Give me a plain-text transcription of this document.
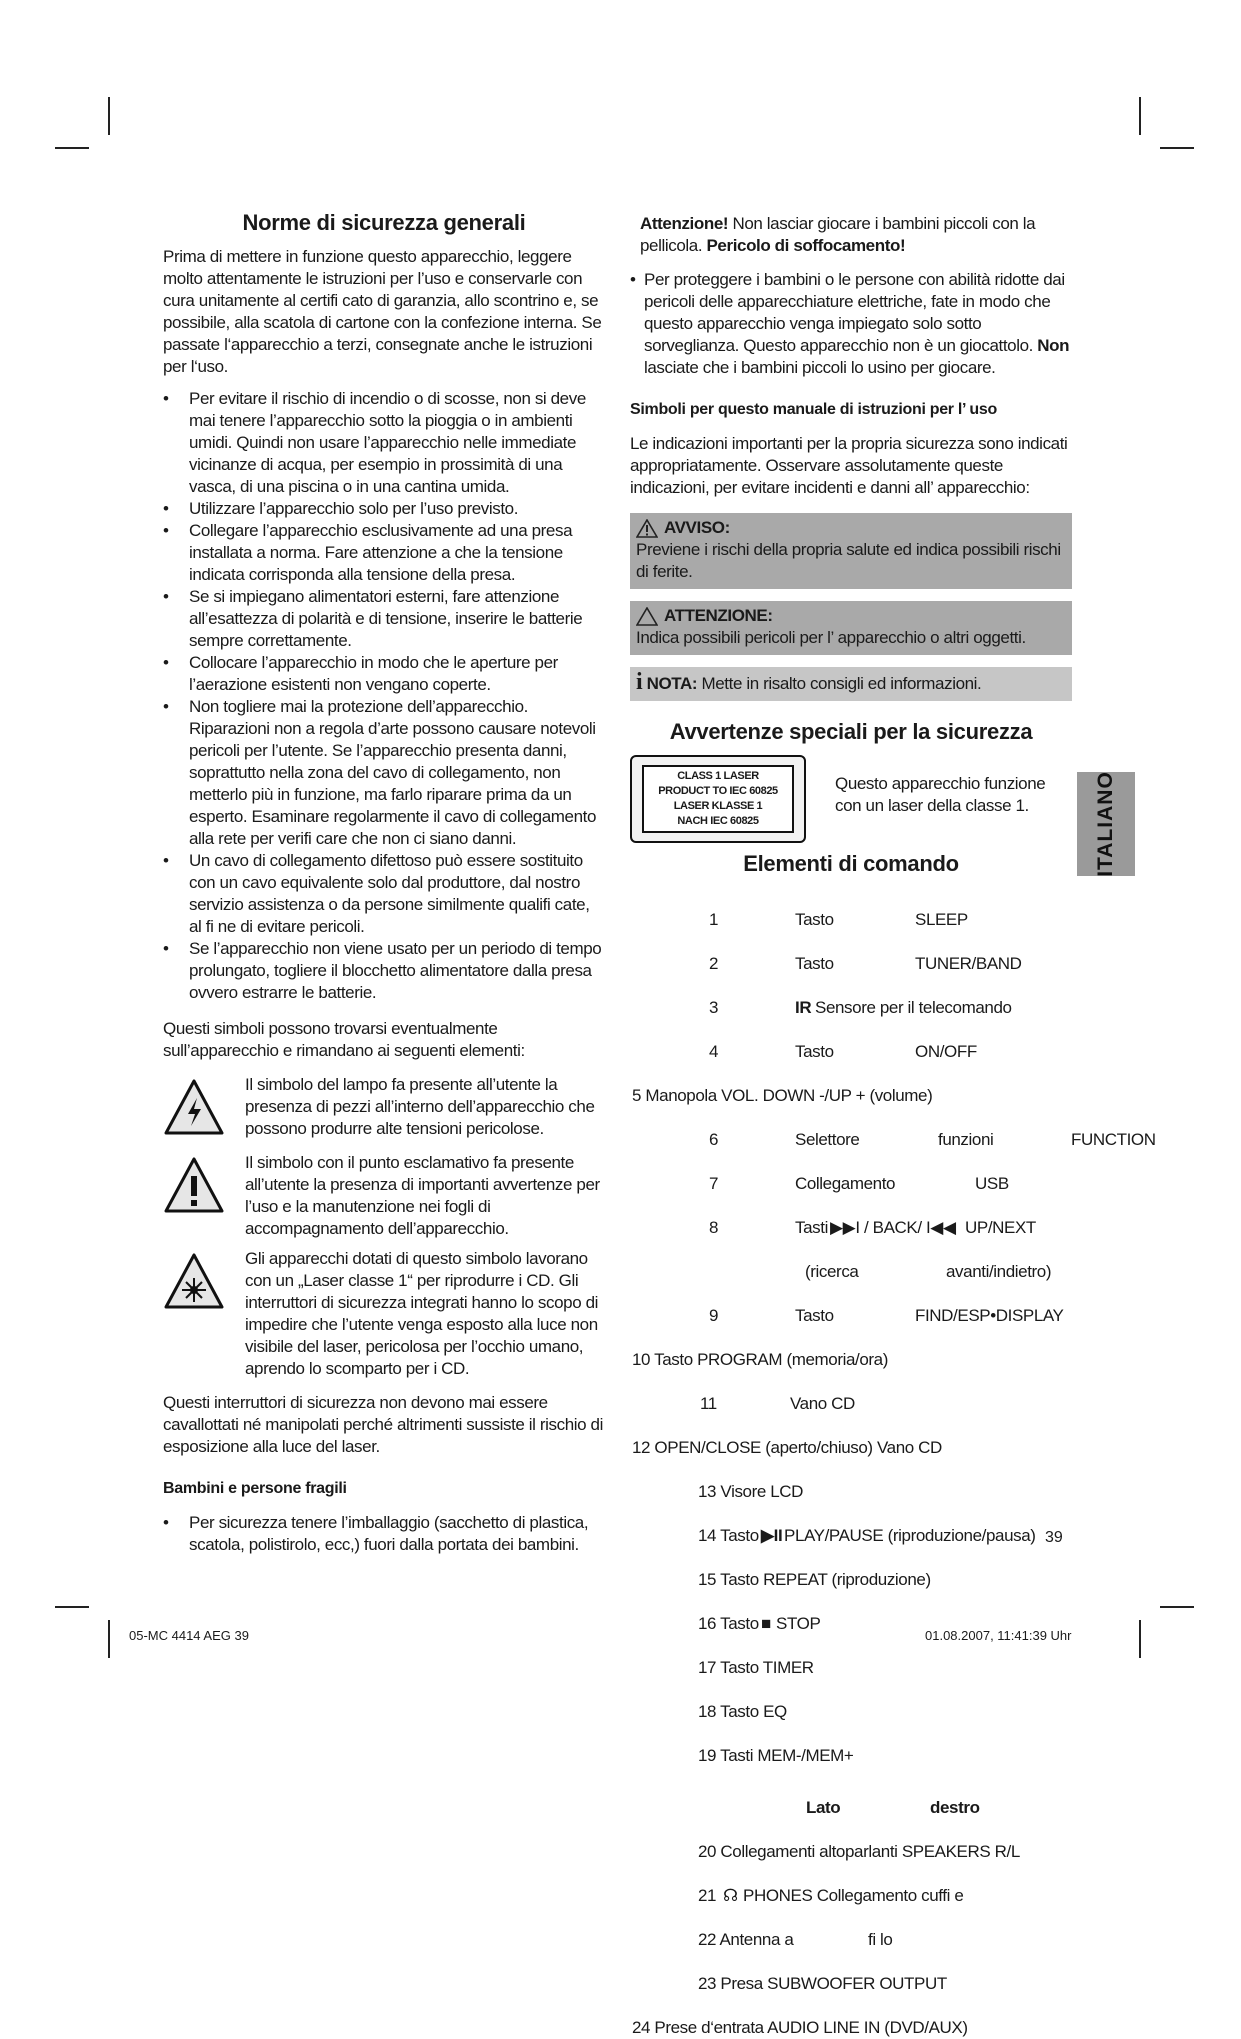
Norme di sicurezza generali

Prima di mettere in funzione questo apparecchio, leggere molto attentamente le istruzioni per l’uso e conservarle con cura unitamente al certifi cato di garanzia, allo scontrino e, se possibile, alla scatola di cartone con la confezione interna. Se passate l‘apparecchio a terzi, consegnate anche le istruzioni per l‘uso.

• Per evitare il rischio di incendio o di scosse, non si deve mai tenere l’apparecchio sotto la pioggia o in ambienti umidi. Quindi non usare l’apparecchio nelle immediate vicinanze di acqua, per esempio in prossimità di una vasca, di una piscina o in una cantina umida.
• Utilizzare l’apparecchio solo per l’uso previsto.
• Collegare l’apparecchio esclusivamente ad una presa installata a norma. Fare attenzione a che la tensione indicata corrisponda alla tensione della presa.
• Se si impiegano alimentatori esterni, fare attenzione all’esattezza di polarità e di tensione, inserire le batterie sempre correttamente.
• Collocare l’apparecchio in modo che le aperture per l’aerazione esistenti non vengano coperte.
• Non togliere mai la protezione dell’apparecchio. Riparazioni non a regola d’arte possono causare notevoli pericoli per l’utente. Se l’apparecchio presenta danni, soprattutto nella zona del cavo di collegamento, non metterlo più in funzione, ma farlo riparare prima da un esperto. Esaminare regolarmente il cavo di collegamento alla rete per verifi care che non ci siano danni.
• Un cavo di collegamento difettoso può essere sostituito con un cavo equivalente solo dal produttore, dal nostro servizio assistenza o da persone similmente qualifi cate, al fi ne di evitare pericoli.
• Se l’apparecchio non viene usato per un periodo di tempo prolungato, togliere il blocchetto alimentatore dalla presa ovvero estrarre le batterie.

Questi simboli possono trovarsi eventualmente sull’apparecchio e rimandano ai seguenti elementi:

Il simbolo del lampo fa presente all’utente la presenza di pezzi all’interno dell’apparecchio che possono produrre alte tensioni pericolose.

Il simbolo con il punto esclamativo fa presente all’utente la presenza di importanti avvertenze per l’uso e la manutenzione nei fogli di accompagnamento dell’apparecchio.

Gli apparecchi dotati di questo simbolo lavorano con un „Laser classe 1“ per riprodurre i CD. Gli interruttori di sicurezza integrati hanno lo scopo di impedire che l’utente venga esposto alla luce non visibile del laser, pericolosa per l’occhio umano, aprendo lo scomparto per i CD.

Questi interruttori di sicurezza non devono mai essere cavallottati né manipolati perché altrimenti sussiste il rischio di esposizione alla luce del laser.

Bambini e persone fragili
• Per sicurezza tenere l’imballaggio (sacchetto di plastica, scatola, polistirolo, ecc,) fuori dalla portata dei bambini.

Attenzione! Non lasciar giocare i bambini piccoli con la pellicola. Pericolo di soffocamento!

• Per proteggere i bambini o le persone con abilità ridotte dai pericoli delle apparecchiature elettriche, fate in modo che questo apparecchio venga impiegato solo sotto sorveglianza. Questo apparecchio non è un giocattolo. Non lasciate che i bambini piccoli lo usino per giocare.
Simboli per questo manuale di istruzioni per l’ uso

Le indicazioni importanti per la propria sicurezza sono indicati appropriatamente. Osservare assolutamente queste indicazioni, per evitare incidenti e danni all’ apparecchio:

AVVISO:

Previene i rischi della propria salute ed indica possibili rischi di ferite.

ATTENZIONE:

Indica possibili pericoli per l’ apparecchio o altri oggetti.

i NOTA: Mette in risalto consigli ed informazioni.
Avvertenze speciali per la sicurezza
CLASS 1 LASER
PRODUCT TO IEC 60825
LASER KLASSE 1
NACH IEC 60825

Questo apparecchio funzione con un laser della classe 1.

Elementi di comando
1	Tasto	SLEEP
2	Tasto	TUNER/BAND
3	IR Sensore per il telecomando
4	Tasto	ON/OFF
5 Manopola VOL. DOWN -/UP + (volume)
6	Selettore	funzioni	FUNCTION
7	Collegamento	USB
8	Tasti ▶▶I / BACK/ I◀◀ UP/NEXT
(ricerca	avanti/indietro)
9	Tasto	FIND/ESP•DISPLAY
10 Tasto PROGRAM (memoria/ora)
11	Vano CD
12 OPEN/CLOSE (aperto/chiuso) Vano CD
13 Visore LCD
14 Tasto ▶II PLAY/PAUSE (riproduzione/pausa)
15 Tasto REPEAT (riproduzione)
16 Tasto ■ STOP
17 Tasto TIMER
18 Tasto EQ
19 Tasti MEM-/MEM+
Lato	destro
20 Collegamenti altoparlanti SPEAKERS R/L
21 ☊ PHONES Collegamento cuffi e
22 Antenna a	fi lo
23 Presa SUBWOOFER OUTPUT
24 Prese d‘entrata AUDIO LINE IN (DVD/AUX)
ITALIANO
39
05-MC 4414 AEG 39	01.08.2007, 11:41:39 Uhr
